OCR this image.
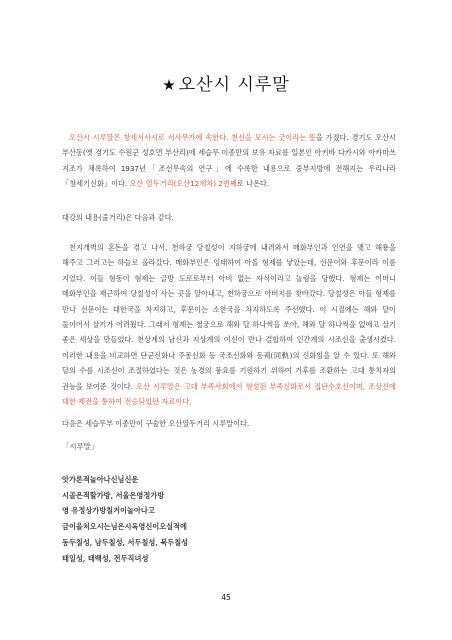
★ 오산시 시루말

오산시 시루말은 창세서사시로 서사무가에 속한다. 천신을 모시는 굿이라는 뜻을 가졌다. 경기도 오산시 부산동(옛 경기도 수원군 성호면 부산리)에 세습무 이종만의 보유 자료를 일본인 아키바 다카시와 아카마쓰 지조가 채록하여 1937년「조선무속의 연구」에 수록한 내용으로 중부지방에 전해지는 우리나라「창세기신화」이다. 오산 열두거리(오산12제차) 2번째로 나온다.

대강의 내용(줄거리)은 다음과 같다.

천지개벽의 혼돈을 겪고 나서, 천하궁 당칠성이 지하궁에 내려와서 매화부인과 인연을 맺고 해룡을 해주고 그러고는 하늘로 올라갔다. 매화부인은 잉태하여 아들 형제를 낳았는데, 선문이와 후문이라 이름 지었다. 이들 형동이 형제는 글방 도로로부터 아비 없는 자식이라고 놀림을 당했다. 형제는 어머니 매화부인을 재근하여 당칠성이 사는 곳을 알아내고, 천하궁으로 아버지를 찾아갔다. 당칠성은 아들 형제를 만나 선문이는 대한국을 차지하고, 후문이는 소한국을 차지하도록 주선했다. 이 시절에는 해와 달이 둘이어서 살기가 어려웠다. 그래서 형제는 철궁으로 해와 달 하나씩을 쏘아, 해와 달 하나씩을 없애고 살기 좋은 세상을 만들었다. 천상계의 남신과 지상계의 여신이 만나 결합하여 인간계의 시조신을 출생시켰다. 이러한 내용을 비교하면 단군신화나 주몽신화 등 국조신화와 동궤(同軌)의 신화임을 알 수 있다. 또 해와 달의 수를 시조신이 조절하였다는 것은 농경의 풍요를 기원하기 위하여 기후를 조환하는 고대 통치자의 권능을 보여준 것이다. 오산 시루말은 고대 부족사회에서 형성된 부족신화로서 집단수호신이며, 조상신에 대한 제전을 통하여 전승되었던 자료이다.

다음은 세습무부 이종만이 구술한 오산열두거리 시루말이다.

「시루말」

앗가론적놀아나신님신운
시골은적할가방, 서울은영정가방
영 유정상가방칠거이놀아나고
금이을처오시는님은시옥영신이오실적에
동두칠성, 남두칠성, 서두칠성, 북두칠성
태일성, 태백성, 전두직녀성
45
